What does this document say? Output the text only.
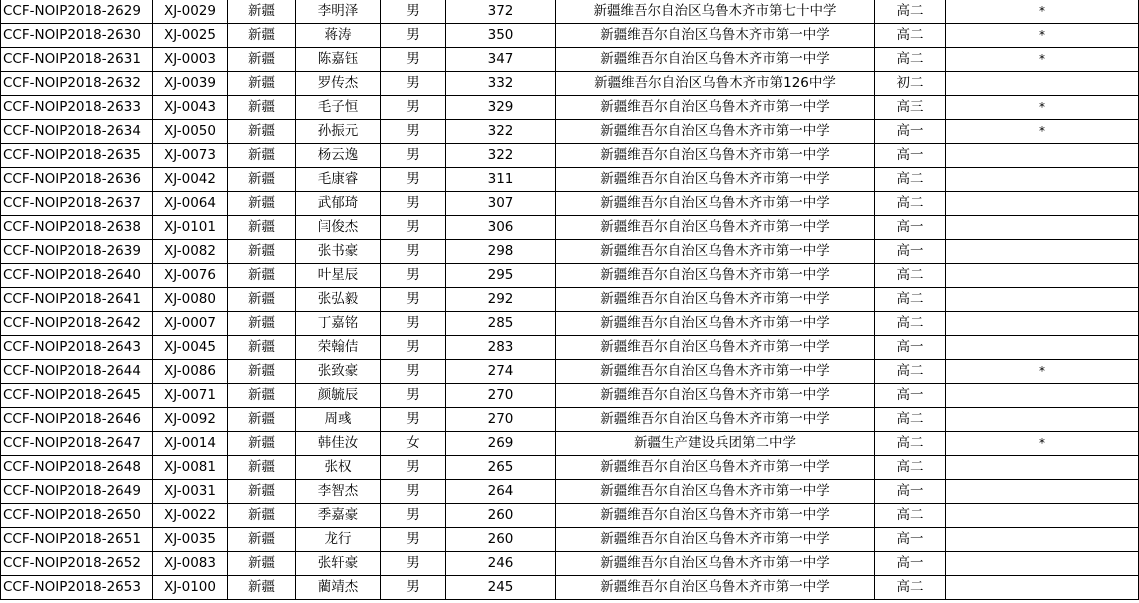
CCF-NOIP2018-2629	XJ-0029	新疆	李明泽	男	372	新疆维吾尔自治区乌鲁木齐市第七十中学	高二	*
CCF-NOIP2018-2630	XJ-0025	新疆	蒋涛	男	350	新疆维吾尔自治区乌鲁木齐市第一中学	高二	*
CCF-NOIP2018-2631	XJ-0003	新疆	陈嘉钰	男	347	新疆维吾尔自治区乌鲁木齐市第一中学	高二	*
CCF-NOIP2018-2632	XJ-0039	新疆	罗传杰	男	332	新疆维吾尔自治区乌鲁木齐市第126中学	初二	
CCF-NOIP2018-2633	XJ-0043	新疆	毛子恒	男	329	新疆维吾尔自治区乌鲁木齐市第一中学	高三	*
CCF-NOIP2018-2634	XJ-0050	新疆	孙振元	男	322	新疆维吾尔自治区乌鲁木齐市第一中学	高一	*
CCF-NOIP2018-2635	XJ-0073	新疆	杨云逸	男	322	新疆维吾尔自治区乌鲁木齐市第一中学	高一	
CCF-NOIP2018-2636	XJ-0042	新疆	毛康睿	男	311	新疆维吾尔自治区乌鲁木齐市第一中学	高二	
CCF-NOIP2018-2637	XJ-0064	新疆	武郁琦	男	307	新疆维吾尔自治区乌鲁木齐市第一中学	高二	
CCF-NOIP2018-2638	XJ-0101	新疆	闫俊杰	男	306	新疆维吾尔自治区乌鲁木齐市第一中学	高一	
CCF-NOIP2018-2639	XJ-0082	新疆	张书豪	男	298	新疆维吾尔自治区乌鲁木齐市第一中学	高一	
CCF-NOIP2018-2640	XJ-0076	新疆	叶星辰	男	295	新疆维吾尔自治区乌鲁木齐市第一中学	高二	
CCF-NOIP2018-2641	XJ-0080	新疆	张弘毅	男	292	新疆维吾尔自治区乌鲁木齐市第一中学	高二	
CCF-NOIP2018-2642	XJ-0007	新疆	丁嘉铭	男	285	新疆维吾尔自治区乌鲁木齐市第一中学	高二	
CCF-NOIP2018-2643	XJ-0045	新疆	荣翰佶	男	283	新疆维吾尔自治区乌鲁木齐市第一中学	高一	
CCF-NOIP2018-2644	XJ-0086	新疆	张致豪	男	274	新疆维吾尔自治区乌鲁木齐市第一中学	高二	*
CCF-NOIP2018-2645	XJ-0071	新疆	颜毓辰	男	270	新疆维吾尔自治区乌鲁木齐市第一中学	高一	
CCF-NOIP2018-2646	XJ-0092	新疆	周彧	男	270	新疆维吾尔自治区乌鲁木齐市第一中学	高二	
CCF-NOIP2018-2647	XJ-0014	新疆	韩佳汝	女	269	新疆生产建设兵团第二中学	高二	*
CCF-NOIP2018-2648	XJ-0081	新疆	张权	男	265	新疆维吾尔自治区乌鲁木齐市第一中学	高二	
CCF-NOIP2018-2649	XJ-0031	新疆	李智杰	男	264	新疆维吾尔自治区乌鲁木齐市第一中学	高一	
CCF-NOIP2018-2650	XJ-0022	新疆	季嘉豪	男	260	新疆维吾尔自治区乌鲁木齐市第一中学	高二	
CCF-NOIP2018-2651	XJ-0035	新疆	龙行	男	260	新疆维吾尔自治区乌鲁木齐市第一中学	高一	
CCF-NOIP2018-2652	XJ-0083	新疆	张轩豪	男	246	新疆维吾尔自治区乌鲁木齐市第一中学	高一	
CCF-NOIP2018-2653	XJ-0100	新疆	藺靖杰	男	245	新疆维吾尔自治区乌鲁木齐市第一中学	高二	
